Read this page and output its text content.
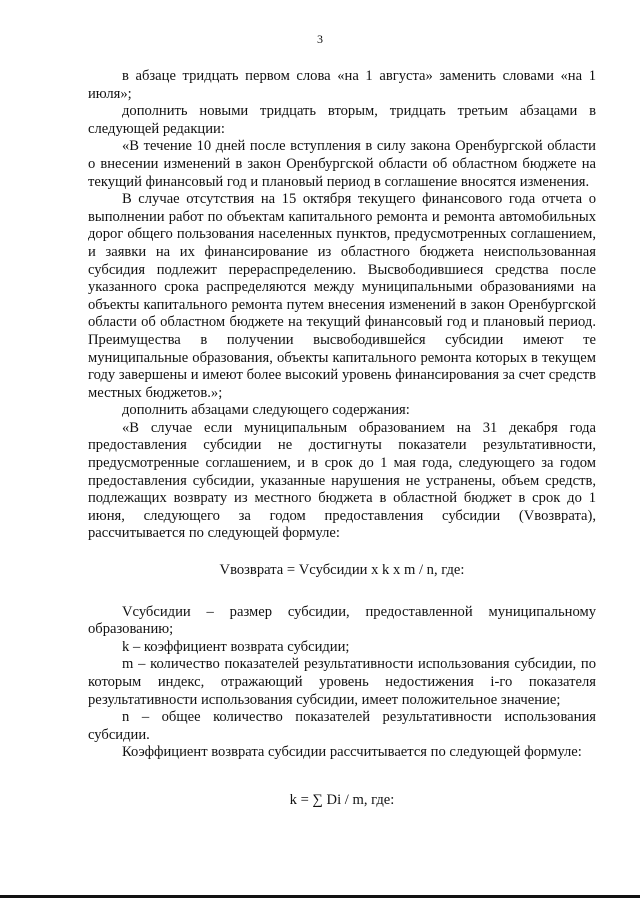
3

в абзаце тридцать первом слова «на 1 августа» заменить словами «на 1 июля»;

дополнить новыми тридцать вторым, тридцать третьим абзацами в следующей редакции:

«В течение 10 дней после вступления в силу закона Оренбургской области о внесении изменений в закон Оренбургской области об областном бюджете на текущий финансовый год и плановый период в соглашение вносятся изменения.

В случае отсутствия на 15 октября текущего финансового года отчета о выполнении работ по объектам капитального ремонта и ремонта автомобильных дорог общего пользования населенных пунктов, предусмотренных соглашением, и заявки на их финансирование из областного бюджета неиспользованная субсидия подлежит перераспределению. Высвободившиеся средства после указанного срока распределяются между муниципальными образованиями на объекты капитального ремонта путем внесения изменений в закон Оренбургской области об областном бюджете на текущий финансовый год и плановый период. Преимущества в получении высвободившейся субсидии имеют те муниципальные образования, объекты капитального ремонта которых в текущем году завершены и имеют более высокий уровень финансирования за счет средств местных бюджетов.»;

дополнить абзацами следующего содержания:

«В случае если муниципальным образованием на 31 декабря года предоставления субсидии не достигнуты показатели результативности, предусмотренные соглашением, и в срок до 1 мая года, следующего за годом предоставления субсидии, указанные нарушения не устранены, объем средств, подлежащих возврату из местного бюджета в областной бюджет в срок до 1 июня, следующего за годом предоставления субсидии (Vвозврата), рассчитывается по следующей формуле:

Vвозврата = Vсубсидии x k x m / n, где:

Vсубсидии – размер субсидии, предоставленной муниципальному образованию;

k – коэффициент возврата субсидии;

m – количество показателей результативности использования субсидии, по которым индекс, отражающий уровень недостижения i-го показателя результативности использования субсидии, имеет положительное значение;

n – общее количество показателей результативности использования субсидии.

Коэффициент возврата субсидии рассчитывается по следующей формуле:

k = ∑ Di / m, где:
